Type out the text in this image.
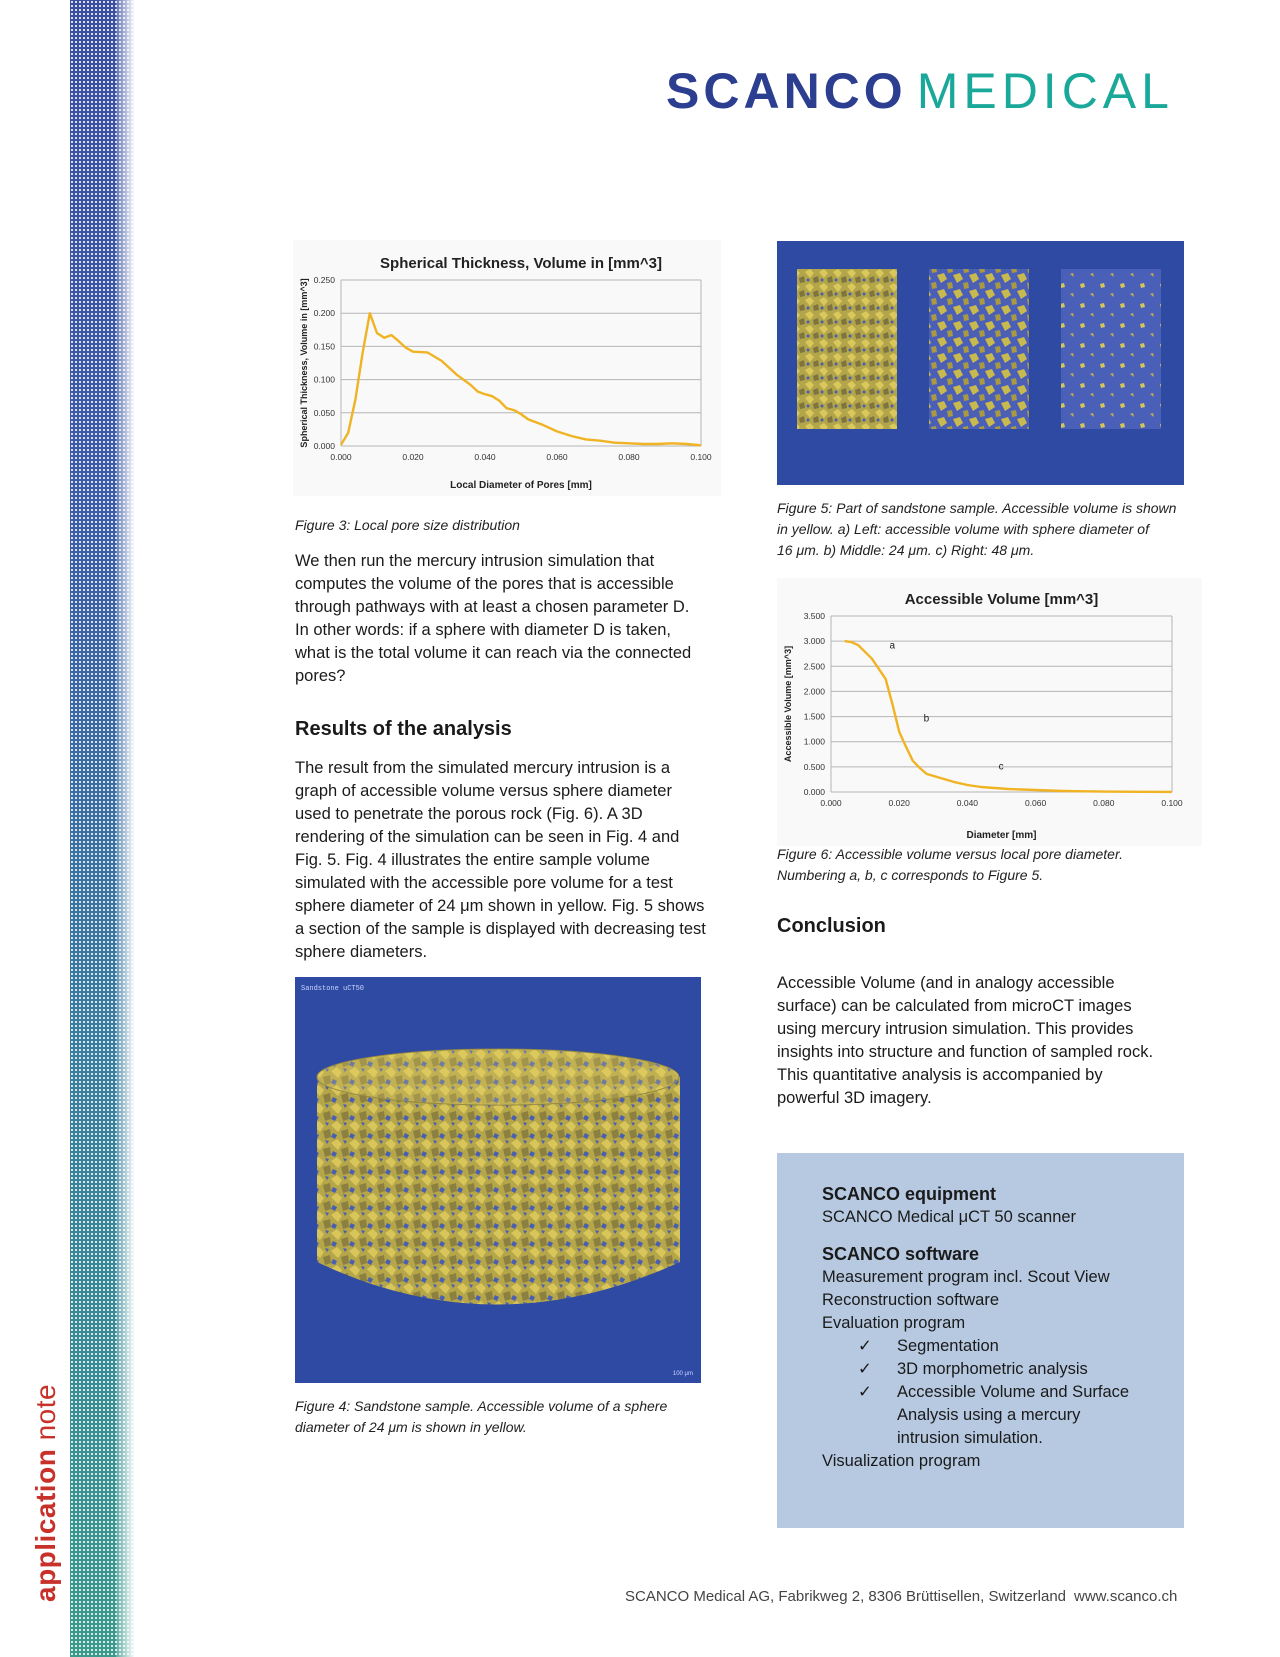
application note
SCANCO MEDICAL
Spherical Thickness, Volume in [mm^3]
0.000
0.050
0.100
0.150
0.200
0.250
0.000	0.020	0.040	0.060	0.080	0.100
Local Diameter of Pores [mm]
Spherical Thickness, Volume in [mm^3]
Figure 3: Local pore size distribution
We then run the mercury intrusion simulation that
computes the volume of the pores that is accessible
through pathways with at least a chosen parameter D.
In other words: if a sphere with diameter D is taken,
what is the total volume it can reach via the connected
pores?
Results of the analysis
The result from the simulated mercury intrusion is a
graph of accessible volume versus sphere diameter
used to penetrate the porous rock (Fig. 6). A 3D
rendering of the simulation can be seen in Fig. 4 and
Fig. 5. Fig. 4 illustrates the entire sample volume
simulated with the accessible pore volume for a test
sphere diameter of 24 μm shown in yellow. Fig. 5 shows
a section of the sample is displayed with decreasing test
sphere diameters.
Sandstone uCT50
100 μm
Figure 4: Sandstone sample. Accessible volume of a sphere
diameter of 24 μm is shown in yellow.
Figure 5: Part of sandstone sample. Accessible volume is shown
in yellow. a) Left: accessible volume with sphere diameter of
16 μm. b) Middle: 24 μm. c) Right: 48 μm.
Accessible Volume [mm^3]
0.000
0.500
1.000
1.500
2.000
2.500
3.000
3.500
0.000	0.020	0.040	0.060	0.080	0.100
Diameter [mm]
Accessible Volume [mm^3]	a
b
c
Figure 6: Accessible volume versus local pore diameter.
Numbering a, b, c corresponds to Figure 5.
Conclusion
Accessible Volume (and in analogy accessible
surface) can be calculated from microCT images
using mercury intrusion simulation. This provides
insights into structure and function of sampled rock.
This quantitative analysis is accompanied by
powerful 3D imagery.
SCANCO equipment
SCANCO Medical μCT 50 scanner
SCANCO software
Measurement program incl. Scout View
Reconstruction software
Evaluation program
✓ Segmentation
✓ 3D morphometric analysis
✓ Accessible Volume and Surface
Analysis using a mercury
intrusion simulation.
Visualization program
SCANCO Medical AG, Fabrikweg 2, 8306 Brüttisellen, Switzerland www.scanco.ch
